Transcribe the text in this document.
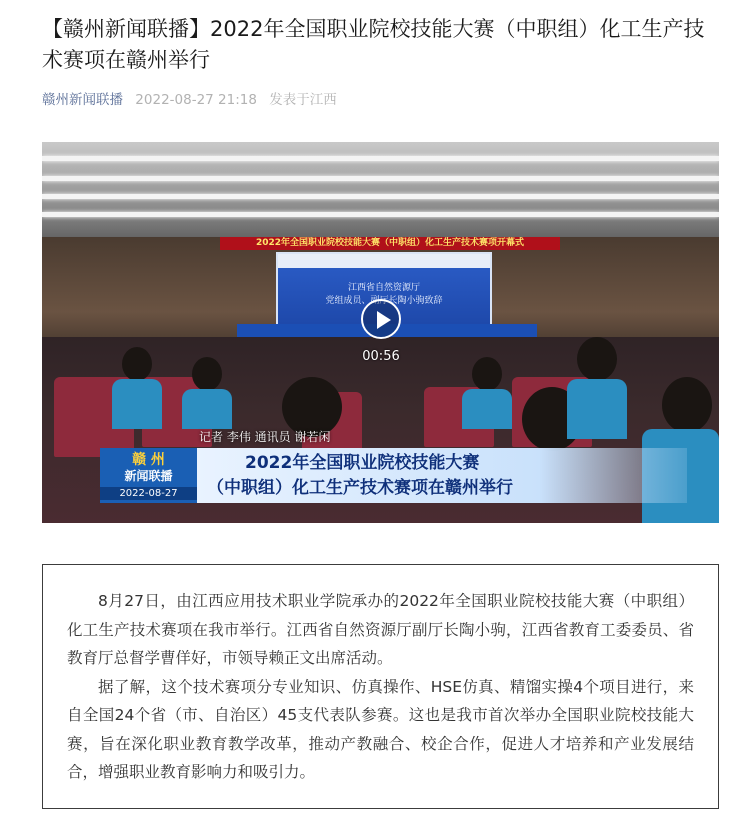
【赣州新闻联播】2022年全国职业院校技能大赛（中职组）化工生产技术赛项在赣州举行
赣州新闻联播 2022-08-27 21:18 发表于江西
2022年全国职业院校技能大赛（中职组）化工生产技术赛项开幕式
江西省自然资源厅
党组成员、副厅长陶小驹致辞
00:56
记者 李伟 通讯员 谢若闲
赣 州
新闻联播
2022-08-27
2022年全国职业院校技能大赛
（中职组）化工生产技术赛项在赣州举行

8月27日，由江西应用技术职业学院承办的2022年全国职业院校技能大赛（中职组）化工生产技术赛项在我市举行。江西省自然资源厅副厅长陶小驹，江西省教育工委委员、省教育厅总督学曹佯好，市领导赖正文出席活动。

据了解，这个技术赛项分专业知识、仿真操作、HSE仿真、精馏实操4个项目进行，来自全国24个省（市、自治区）45支代表队参赛。这也是我市首次举办全国职业院校技能大赛，旨在深化职业教育教学改革，推动产教融合、校企合作，促进人才培养和产业发展结合，增强职业教育影响力和吸引力。
